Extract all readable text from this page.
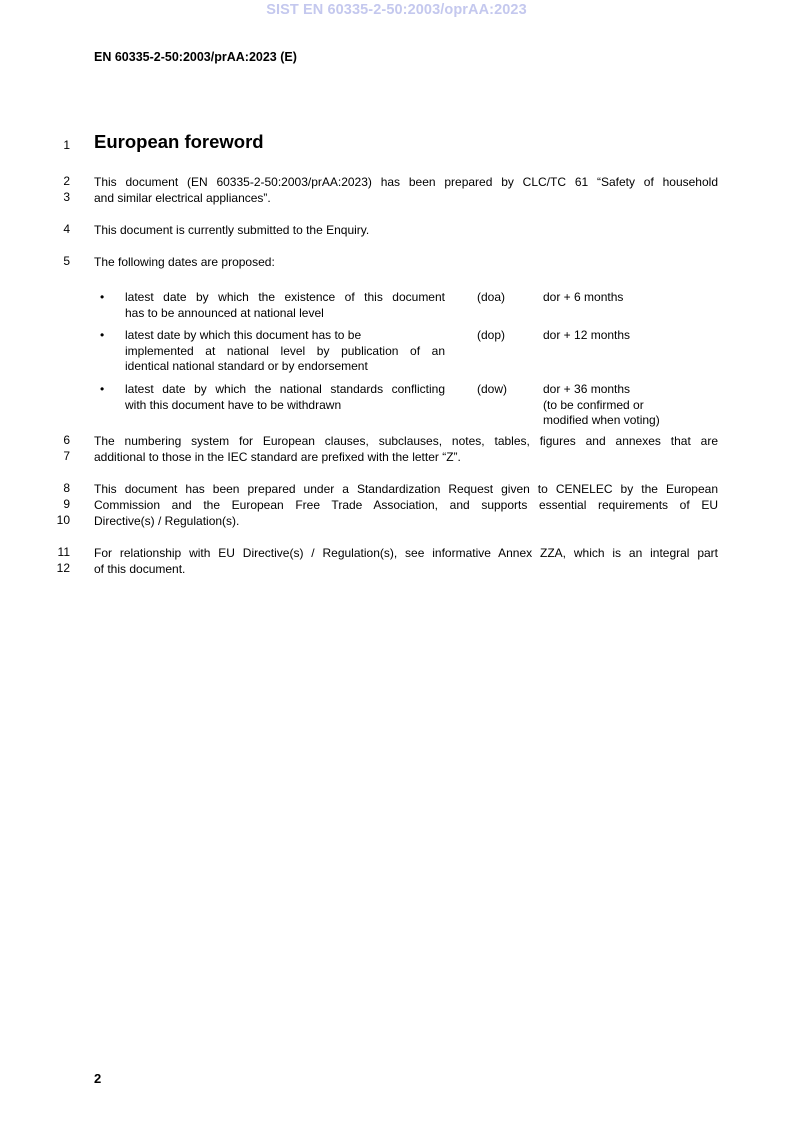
SIST EN 60335-2-50:2003/oprAA:2023
EN 60335-2-50:2003/prAA:2023 (E)
1 European foreword
2
3
This document (EN 60335-2-50:2003/prAA:2023) has been prepared by CLC/TC 61 “Safety of household
and similar electrical appliances”.
4 This document is currently submitted to the Enquiry.
5 The following dates are proposed:
• latest date by which the existence of this document
has to be announced at national level
(doa)	dor + 6 months
• latest date by which this document has to be
implemented at national level by publication of an
identical national standard or by endorsement
(dop)	dor + 12 months
• latest date by which the national standards conflicting
with this document have to be withdrawn
(dow)	dor + 36 months
(to be confirmed or
modified when voting)
6
7
The numbering system for European clauses, subclauses, notes, tables, figures and annexes that are
additional to those in the IEC standard are prefixed with the letter “Z”.
8
9
10
This document has been prepared under a Standardization Request given to CENELEC by the European
Commission and the European Free Trade Association, and supports essential requirements of EU
Directive(s) / Regulation(s).
11
12
For relationship with EU Directive(s) / Regulation(s), see informative Annex ZZA, which is an integral part
of this document.
2
